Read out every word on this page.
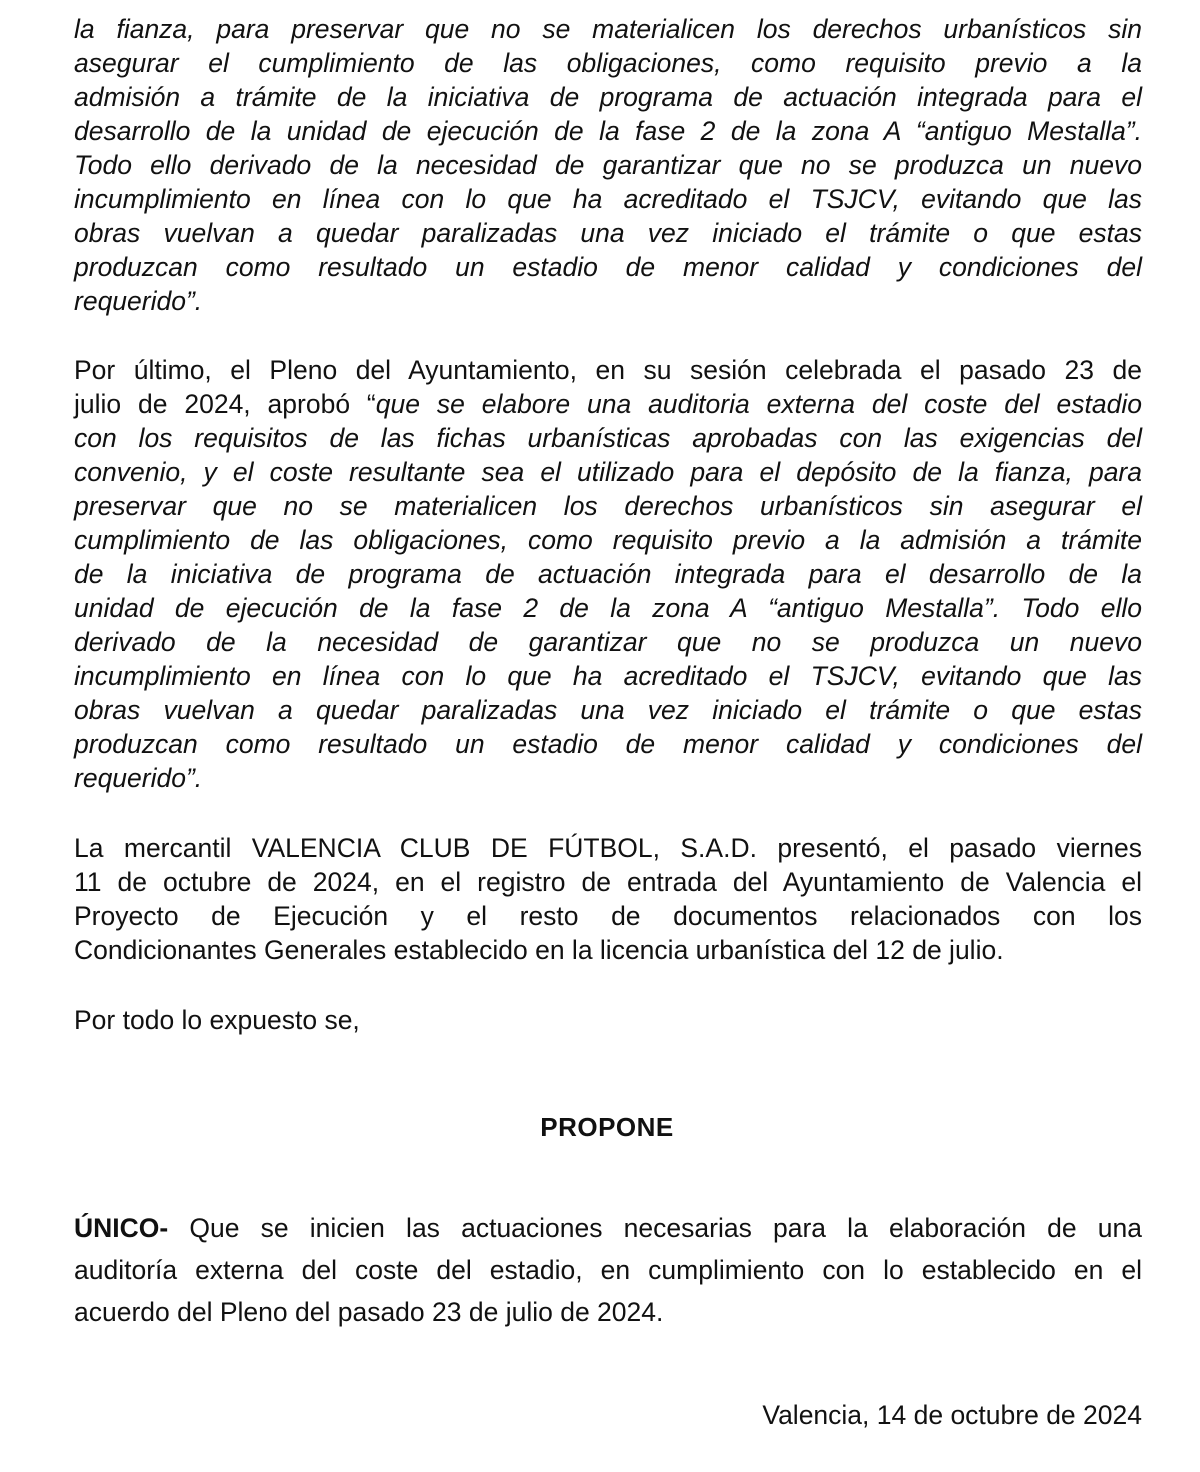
la fianza, para preservar que no se materialicen los derechos urbanísticos sin
asegurar el cumplimiento de las obligaciones, como requisito previo a la
admisión a trámite de la iniciativa de programa de actuación integrada para el
desarrollo de la unidad de ejecución de la fase 2 de la zona A “antiguo Mestalla”.
Todo ello derivado de la necesidad de garantizar que no se produzca un nuevo
incumplimiento en línea con lo que ha acreditado el TSJCV, evitando que las
obras vuelvan a quedar paralizadas una vez iniciado el trámite o que estas
produzcan como resultado un estadio de menor calidad y condiciones del
requerido”.
Por último, el Pleno del Ayuntamiento, en su sesión celebrada el pasado 23 de
julio de 2024, aprobó “que se elabore una auditoria externa del coste del estadio
con los requisitos de las fichas urbanísticas aprobadas con las exigencias del
convenio, y el coste resultante sea el utilizado para el depósito de la fianza, para
preservar que no se materialicen los derechos urbanísticos sin asegurar el
cumplimiento de las obligaciones, como requisito previo a la admisión a trámite
de la iniciativa de programa de actuación integrada para el desarrollo de la
unidad de ejecución de la fase 2 de la zona A “antiguo Mestalla”. Todo ello
derivado de la necesidad de garantizar que no se produzca un nuevo
incumplimiento en línea con lo que ha acreditado el TSJCV, evitando que las
obras vuelvan a quedar paralizadas una vez iniciado el trámite o que estas
produzcan como resultado un estadio de menor calidad y condiciones del
requerido”.
La mercantil VALENCIA CLUB DE FÚTBOL, S.A.D. presentó, el pasado viernes
11 de octubre de 2024, en el registro de entrada del Ayuntamiento de Valencia el
Proyecto de Ejecución y el resto de documentos relacionados con los
Condicionantes Generales establecido en la licencia urbanística del 12 de julio.
Por todo lo expuesto se,
PROPONE
ÚNICO- Que se inicien las actuaciones necesarias para la elaboración de una
auditoría externa del coste del estadio, en cumplimiento con lo establecido en el
acuerdo del Pleno del pasado 23 de julio de 2024.
Valencia, 14 de octubre de 2024
